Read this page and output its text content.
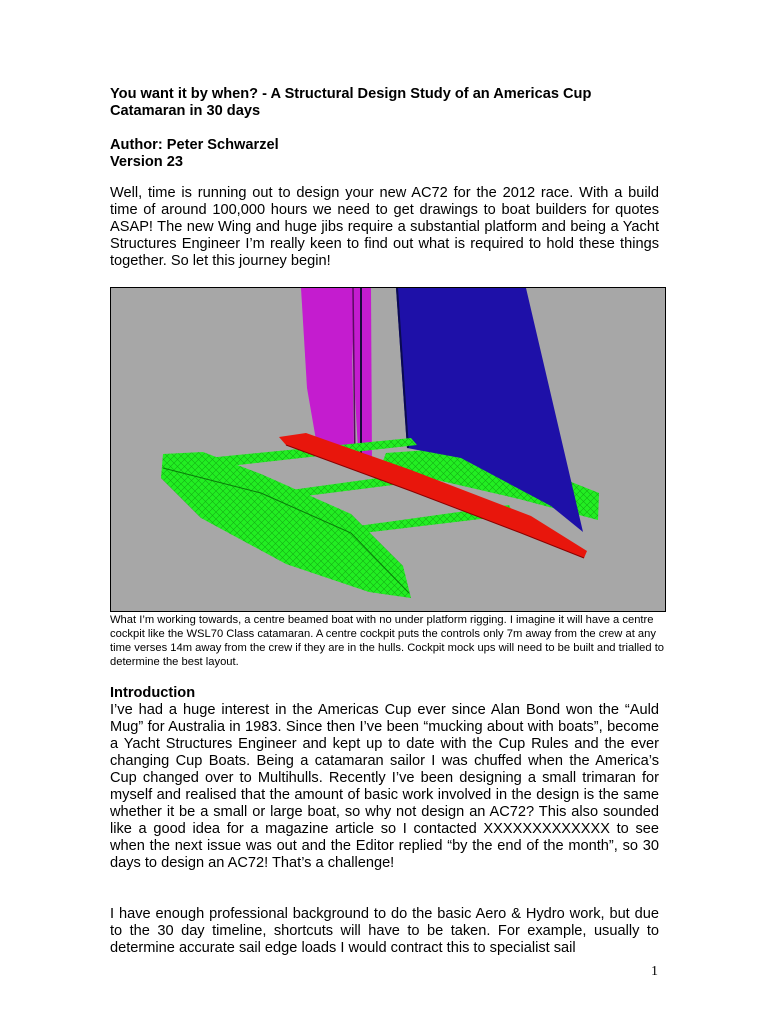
You want it by when? - A Structural Design Study of an Americas Cup Catamaran in 30 days
Author: Peter Schwarzel
Version 23
Well, time is running out to design your new AC72 for the 2012 race. With a build time of around 100,000 hours we need to get drawings to boat builders for quotes ASAP! The new Wing and huge jibs require a substantial platform and being a Yacht Structures Engineer I’m really keen to find out what is required to hold these things together. So let this journey begin!
What I’m working towards, a centre beamed boat with no under platform rigging. I imagine it will have a centre cockpit like the WSL70 Class catamaran. A centre cockpit puts the controls only 7m away from the crew at any time verses 14m away from the crew if they are in the hulls. Cockpit mock ups will need to be built and trialled to determine the best layout.
Introduction
I’ve had a huge interest in the Americas Cup ever since Alan Bond won the “Auld Mug” for Australia in 1983. Since then I’ve been “mucking about with boats”, become a Yacht Structures Engineer and kept up to date with the Cup Rules and the ever changing Cup Boats. Being a catamaran sailor I was chuffed when the America’s Cup changed over to Multihulls. Recently I’ve been designing a small trimaran for myself and realised that the amount of basic work involved in the design is the same whether it be a small or large boat, so why not design an AC72? This also sounded like a good idea for a magazine article so I contacted XXXXXXXXXXXXX to see when the next issue was out and the Editor replied “by the end of the month”, so 30 days to design an AC72! That’s a challenge!
I have enough professional background to do the basic Aero & Hydro work, but due to the 30 day timeline, shortcuts will have to be taken. For example, usually to determine accurate sail edge loads I would contract this to specialist sail
1
